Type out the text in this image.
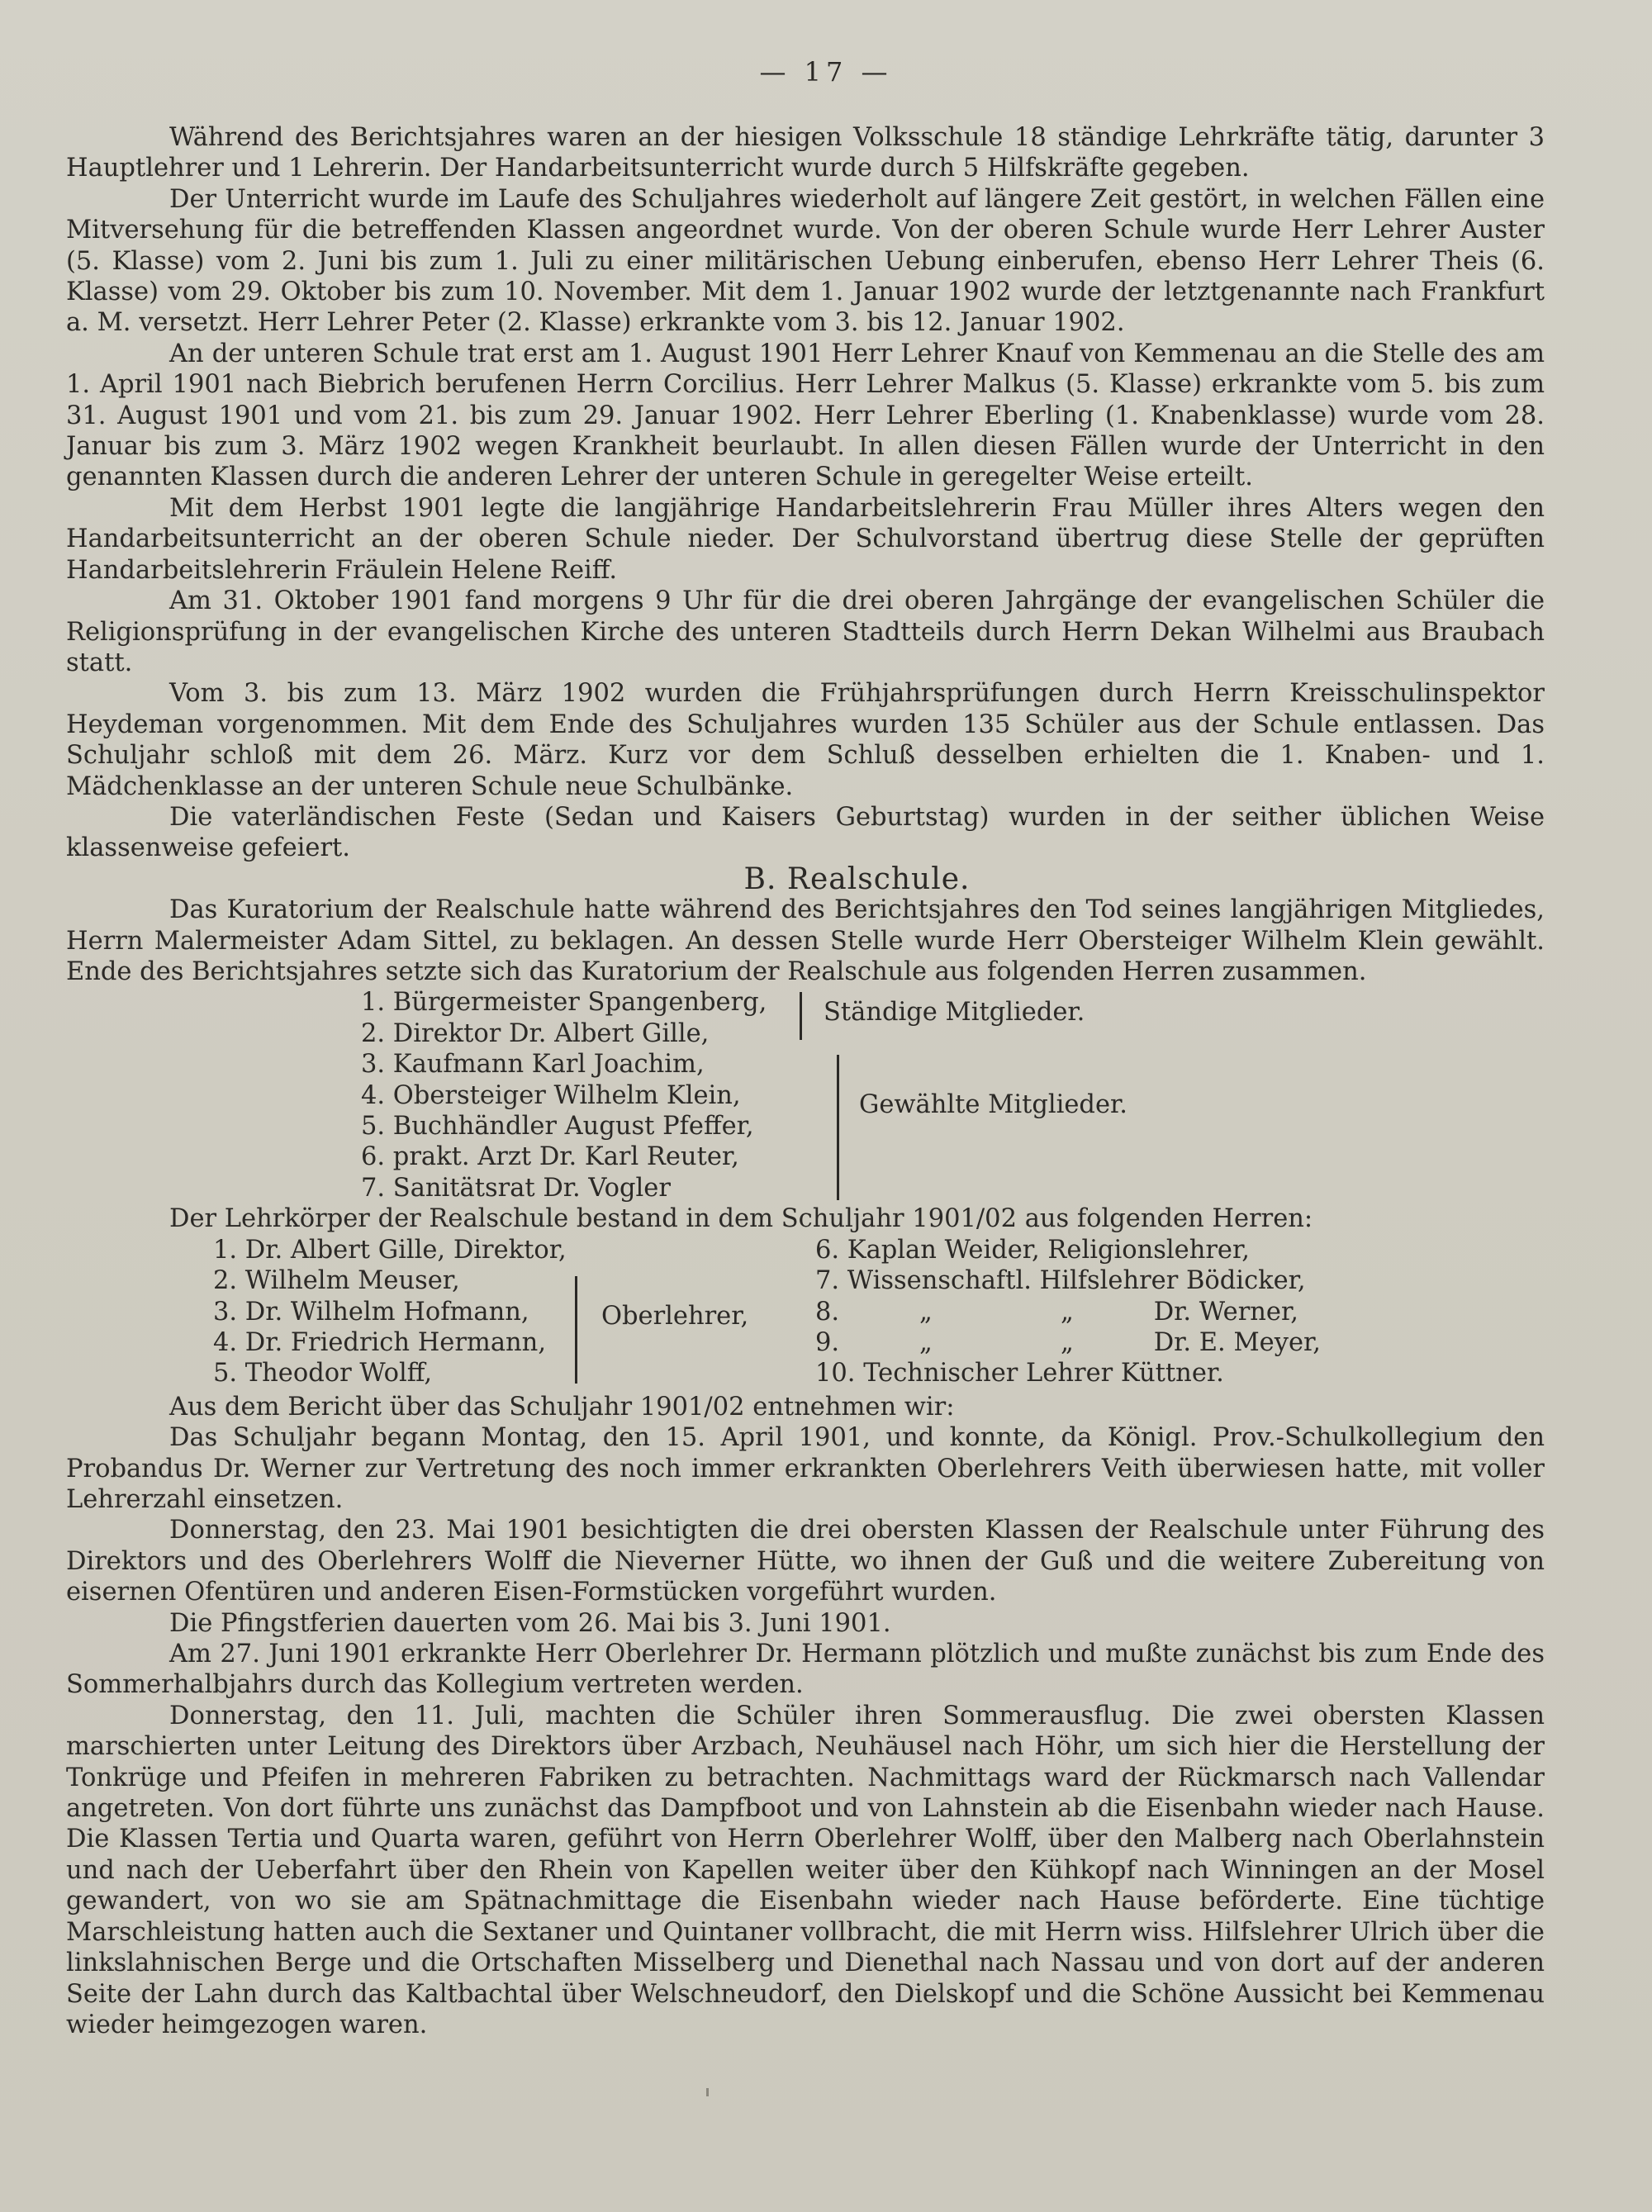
— 17 —

Während des Berichtsjahres waren an der hiesigen Volksschule 18 ständige Lehrkräfte tätig, darunter 3 Hauptlehrer und 1 Lehrerin. Der Handarbeitsunterricht wurde durch 5 Hilfskräfte gegeben.

Der Unterricht wurde im Laufe des Schuljahres wiederholt auf längere Zeit gestört, in welchen Fällen eine Mitversehung für die betreffenden Klassen angeordnet wurde. Von der oberen Schule wurde Herr Lehrer Auster (5. Klasse) vom 2. Juni bis zum 1. Juli zu einer militärischen Uebung einberufen, ebenso Herr Lehrer Theis (6. Klasse) vom 29. Oktober bis zum 10. November. Mit dem 1. Januar 1902 wurde der letztgenannte nach Frankfurt a. M. versetzt. Herr Lehrer Peter (2. Klasse) erkrankte vom 3. bis 12. Januar 1902.

An der unteren Schule trat erst am 1. August 1901 Herr Lehrer Knauf von Kemmenau an die Stelle des am 1. April 1901 nach Biebrich berufenen Herrn Corcilius. Herr Lehrer Malkus (5. Klasse) erkrankte vom 5. bis zum 31. August 1901 und vom 21. bis zum 29. Januar 1902. Herr Lehrer Eberling (1. Knabenklasse) wurde vom 28. Januar bis zum 3. März 1902 wegen Krankheit beurlaubt. In allen diesen Fällen wurde der Unterricht in den genannten Klassen durch die anderen Lehrer der unteren Schule in geregelter Weise erteilt.

Mit dem Herbst 1901 legte die langjährige Handarbeitslehrerin Frau Müller ihres Alters wegen den Handarbeitsunterricht an der oberen Schule nieder. Der Schulvorstand übertrug diese Stelle der geprüften Handarbeitslehrerin Fräulein Helene Reiff.

Am 31. Oktober 1901 fand morgens 9 Uhr für die drei oberen Jahrgänge der evangelischen Schüler die Religionsprüfung in der evangelischen Kirche des unteren Stadtteils durch Herrn Dekan Wilhelmi aus Braubach statt.

Vom 3. bis zum 13. März 1902 wurden die Frühjahrsprüfungen durch Herrn Kreisschulinspektor Heydeman vorgenommen. Mit dem Ende des Schuljahres wurden 135 Schüler aus der Schule entlassen. Das Schuljahr schloß mit dem 26. März. Kurz vor dem Schluß desselben erhielten die 1. Knaben- und 1. Mädchenklasse an der unteren Schule neue Schulbänke.

Die vaterländischen Feste (Sedan und Kaisers Geburtstag) wurden in der seither üblichen Weise klassenweise gefeiert.

B. Realschule.

Das Kuratorium der Realschule hatte während des Berichtsjahres den Tod seines langjährigen Mitgliedes, Herrn Malermeister Adam Sittel, zu beklagen. An dessen Stelle wurde Herr Obersteiger Wilhelm Klein gewählt. Ende des Berichtsjahres setzte sich das Kuratorium der Realschule aus folgenden Herren zusammen.

1. Bürgermeister Spangenberg,
2. Direktor Dr. Albert Gille,
3. Kaufmann Karl Joachim,
4. Obersteiger Wilhelm Klein,
5. Buchhändler August Pfeffer,
6. prakt. Arzt Dr. Karl Reuter,
7. Sanitätsrat Dr. Vogler
Ständige Mitglieder.
Gewählte Mitglieder.

Der Lehrkörper der Realschule bestand in dem Schuljahr 1901/02 aus folgenden Herren:

1. Dr. Albert Gille, Direktor,
2. Wilhelm Meuser,
3. Dr. Wilhelm Hofmann,
4. Dr. Friedrich Hermann,
5. Theodor Wolff,
Oberlehrer,
6. Kaplan Weider, Religionslehrer,
7. Wissenschaftl. Hilfslehrer Bödicker,
8.          „                „          Dr. Werner,
9.          „                „          Dr. E. Meyer,
10. Technischer Lehrer Küttner.

Aus dem Bericht über das Schuljahr 1901/02 entnehmen wir:

Das Schuljahr begann Montag, den 15. April 1901, und konnte, da Königl. Prov.-Schulkollegium den Probandus Dr. Werner zur Vertretung des noch immer erkrankten Oberlehrers Veith überwiesen hatte, mit voller Lehrerzahl einsetzen.

Donnerstag, den 23. Mai 1901 besichtigten die drei obersten Klassen der Realschule unter Führung des Direktors und des Oberlehrers Wolff die Nieverner Hütte, wo ihnen der Guß und die weitere Zubereitung von eisernen Ofentüren und anderen Eisen-Formstücken vorgeführt wurden.

Die Pfingstferien dauerten vom 26. Mai bis 3. Juni 1901.

Am 27. Juni 1901 erkrankte Herr Oberlehrer Dr. Hermann plötzlich und mußte zunächst bis zum Ende des Sommerhalbjahrs durch das Kollegium vertreten werden.

Donnerstag, den 11. Juli, machten die Schüler ihren Sommerausflug. Die zwei obersten Klassen marschierten unter Leitung des Direktors über Arzbach, Neuhäusel nach Höhr, um sich hier die Herstellung der Tonkrüge und Pfeifen in mehreren Fabriken zu betrachten. Nachmittags ward der Rückmarsch nach Vallendar angetreten. Von dort führte uns zunächst das Dampfboot und von Lahnstein ab die Eisenbahn wieder nach Hause. Die Klassen Tertia und Quarta waren, geführt von Herrn Oberlehrer Wolff, über den Malberg nach Oberlahnstein und nach der Ueberfahrt über den Rhein von Kapellen weiter über den Kühkopf nach Winningen an der Mosel gewandert, von wo sie am Spätnachmittage die Eisenbahn wieder nach Hause beförderte. Eine tüchtige Marschleistung hatten auch die Sextaner und Quintaner vollbracht, die mit Herrn wiss. Hilfslehrer Ulrich über die linkslahnischen Berge und die Ortschaften Misselberg und Dienethal nach Nassau und von dort auf der anderen Seite der Lahn durch das Kaltbachtal über Welschneudorf, den Dielskopf und die Schöne Aussicht bei Kemmenau wieder heimgezogen waren.
